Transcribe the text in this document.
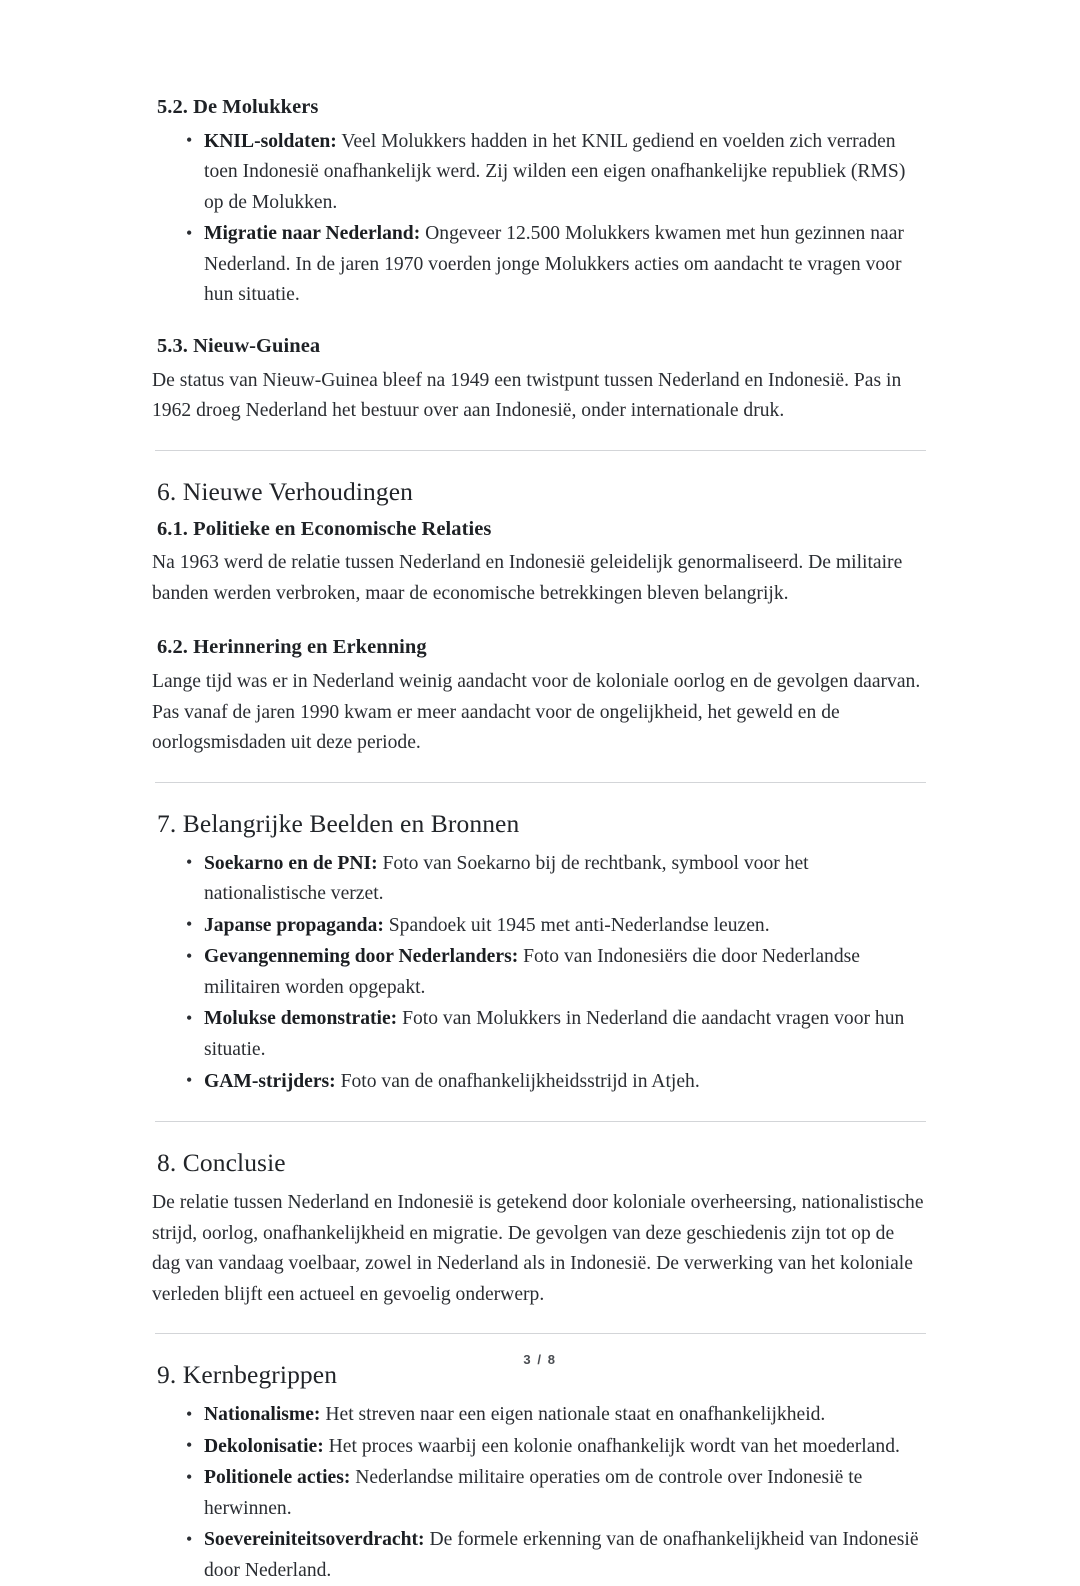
5.2. De Molukkers
• KNIL-soldaten: Veel Molukkers hadden in het KNIL gediend en voelden zich verraden toen Indonesië onafhankelijk werd. Zij wilden een eigen onafhankelijke republiek (RMS) op de Molukken.
• Migratie naar Nederland: Ongeveer 12.500 Molukkers kwamen met hun gezinnen naar Nederland. In de jaren 1970 voerden jonge Molukkers acties om aandacht te vragen voor hun situatie.
5.3. Nieuw-Guinea

De status van Nieuw-Guinea bleef na 1949 een twistpunt tussen Nederland en Indonesië. Pas in 1962 droeg Nederland het bestuur over aan Indonesië, onder internationale druk.

6. Nieuwe Verhoudingen
6.1. Politieke en Economische Relaties

Na 1963 werd de relatie tussen Nederland en Indonesië geleidelijk genormaliseerd. De militaire banden werden verbroken, maar de economische betrekkingen bleven belangrijk.

6.2. Herinnering en Erkenning

Lange tijd was er in Nederland weinig aandacht voor de koloniale oorlog en de gevolgen daarvan. Pas vanaf de jaren 1990 kwam er meer aandacht voor de ongelijkheid, het geweld en de oorlogsmisdaden uit deze periode.

7. Belangrijke Beelden en Bronnen
• Soekarno en de PNI: Foto van Soekarno bij de rechtbank, symbool voor het nationalistische verzet.
• Japanse propaganda: Spandoek uit 1945 met anti-Nederlandse leuzen.
• Gevangenneming door Nederlanders: Foto van Indonesiërs die door Nederlandse militairen worden opgepakt.
• Molukse demonstratie: Foto van Molukkers in Nederland die aandacht vragen voor hun situatie.
• GAM-strijders: Foto van de onafhankelijkheidsstrijd in Atjeh.
8. Conclusie

De relatie tussen Nederland en Indonesië is getekend door koloniale overheersing, nationalistische strijd, oorlog, onafhankelijkheid en migratie. De gevolgen van deze geschiedenis zijn tot op de dag van vandaag voelbaar, zowel in Nederland als in Indonesië. De verwerking van het koloniale verleden blijft een actueel en gevoelig onderwerp.

9. Kernbegrippen
• Nationalisme: Het streven naar een eigen nationale staat en onafhankelijkheid.
• Dekolonisatie: Het proces waarbij een kolonie onafhankelijk wordt van het moederland.
• Politionele acties: Nederlandse militaire operaties om de controle over Indonesië te herwinnen.
• Soevereiniteitsoverdracht: De formele erkenning van de onafhankelijkheid van Indonesië door Nederland.
3 / 8
